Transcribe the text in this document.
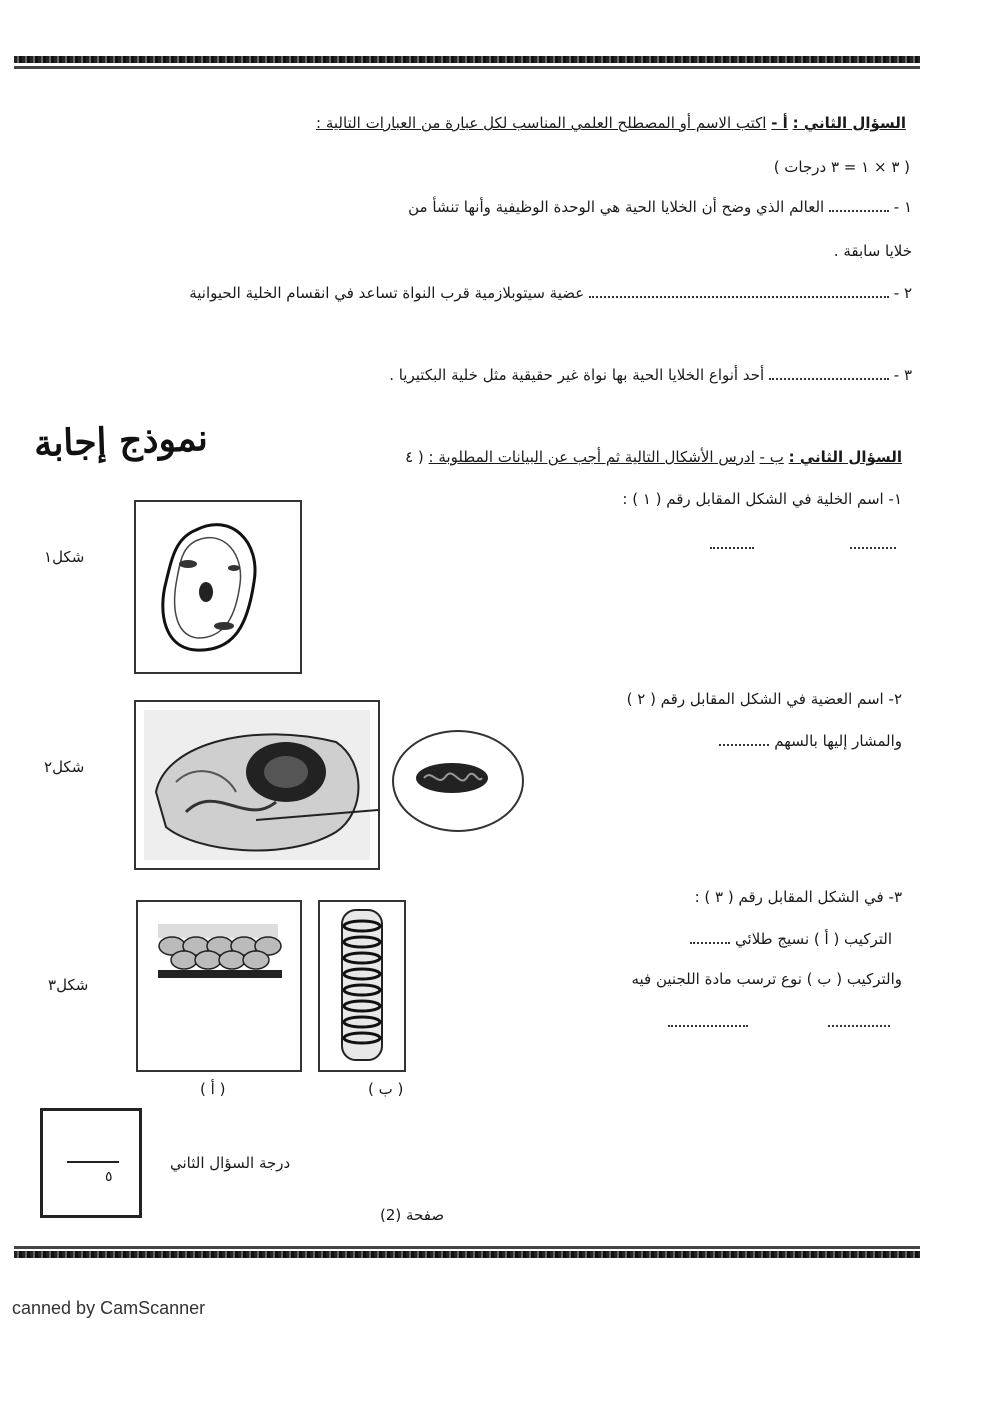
السؤال الثاني : أ - اكتب الاسم أو المصطلح العلمي المناسب لكل عبارة من العبارات التالية :
( ٣ × ١ = ٣ درجات )
١ -  العالم الذي وضح أن الخلايا الحية هي الوحدة الوظيفية وأنها تنشأ من
خلايا سابقة .
٢ -  عضية سيتوبلازمية قرب النواة تساعد في انقسام الخلية الحيوانية
٣ -  أحد أنواع الخلايا الحية بها نواة غير حقيقية مثل خلية البكتيريا .
نموذج إجابة	السؤال الثاني : ب - ادرس الأشكال التالية ثم أجب عن البيانات المطلوبة : ( ٤
١- اسم الخلية في الشكل المقابل رقم ( ١ ) :
شكل١
٢- اسم العضية في الشكل المقابل رقم ( ٢ )
والمشار إليها بالسهم
شكل٢
٣- في الشكل المقابل رقم ( ٣ ) :
التركيب ( أ ) نسيج طلائي
والتركيب ( ب ) نوع ترسب مادة اللجنين فيه
شكل٣
( أ )	( ب )
٥
درجة السؤال الثاني
صفحة (2)
canned by CamScanner
